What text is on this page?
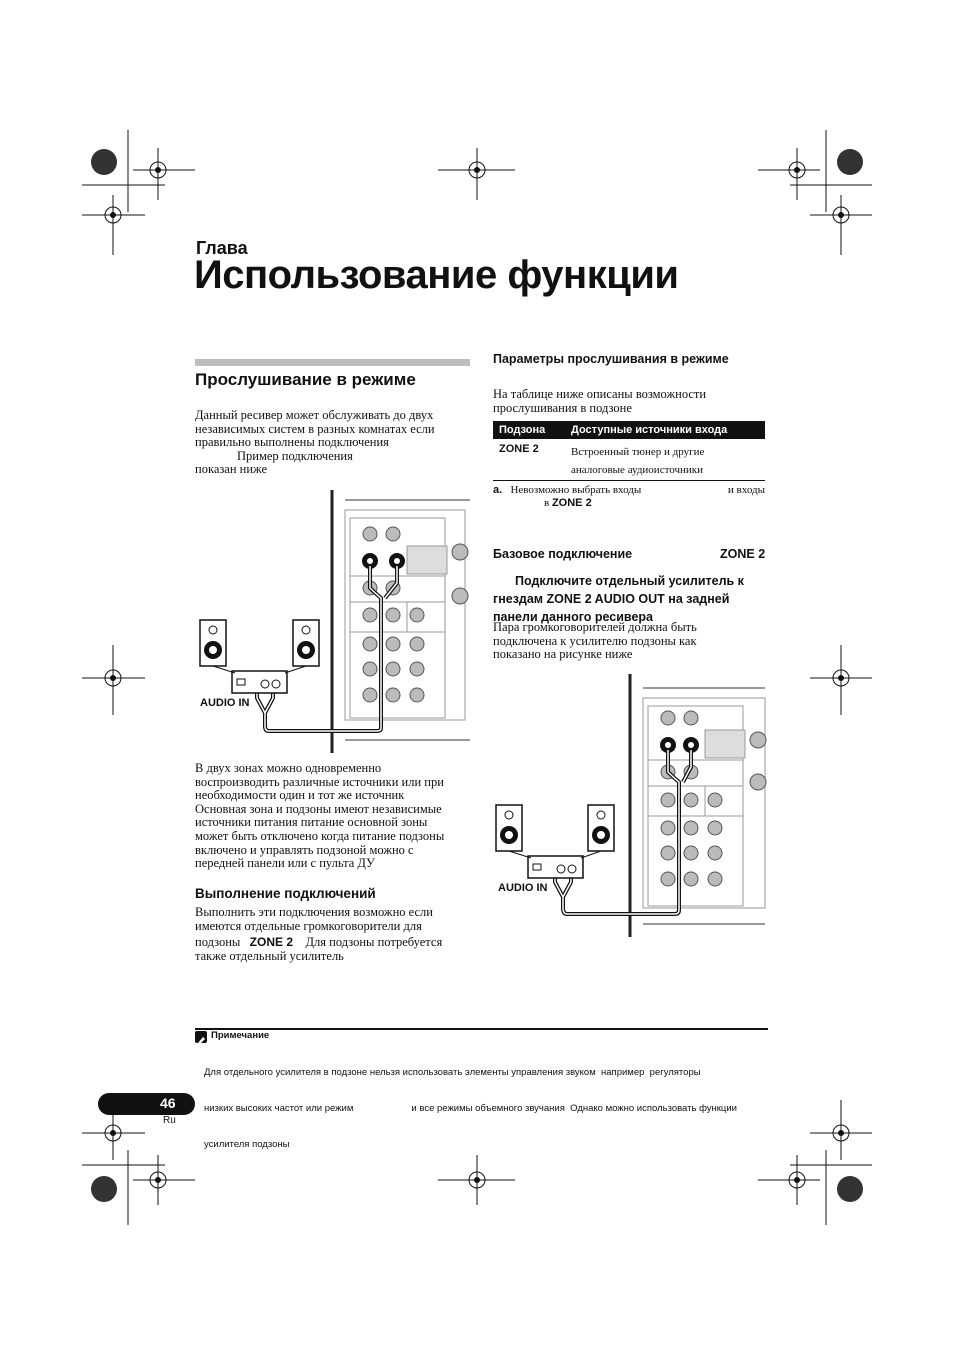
Глава
Использование функции
Прослушивание в режиме
Данный ресивер может обслуживать до двух
независимых систем в разных комнатах если
правильно выполнены подключения
Пример подключения
показан ниже
AUDIO IN
В двух зонах можно одновременно
воспроизводить различные источники или при
необходимости один и тот же источник
Основная зона и подзоны имеют независимые
источники питания питание основной зоны
может быть отключено когда питание подзоны
включено и управлять подзоной можно с
передней панели или с пульта ДУ
Выполнение подключений
Выполнить эти подключения возможно если
имеются отдельные громкоговорители для
подзоны ZONE 2 Для подзоны потребуется
также отдельный усилитель
Параметры прослушивания в режиме
На таблице ниже описаны возможности
прослушивания в подзоне
Подзона	Доступные источники входа
ZONE 2	Встроенный тюнер и другие
аналоговые аудиоисточники
a. Невозможно выбрать входы	и входы
в ZONE 2
Базовое подключение	ZONE 2
Подключите отдельный усилитель к
гнездам ZONE 2 AUDIO OUT на задней
панели данного ресивера
Пара громкоговорителей должна быть
подключена к усилителю подзоны как
показано на рисунке ниже
AUDIO IN
Примечание

Для отдельного усилителя в подзоне нельзя использовать элементы управления звуком  например  регуляторы

низких высоких частот или режим                      и все режимы объемного звучания  Однако можно использовать функции

усилителя подзоны

46
Ru
